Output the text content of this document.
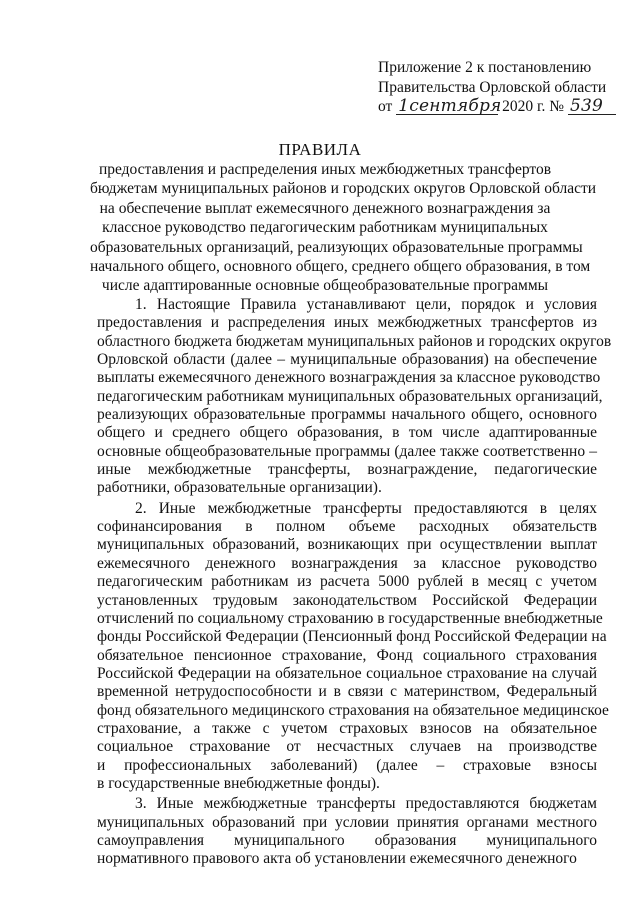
Приложение 2 к постановлению
Правительства Орловской области
от 1сентября 2020 г. № 539
ПРАВИЛА
предоставления и распределения иных межбюджетных трансфертов
бюджетам муниципальных районов и городских округов Орловской области
на обеспечение выплат ежемесячного денежного вознаграждения за
классное руководство педагогическим работникам муниципальных
образовательных организаций, реализующих образовательные программы
начального общего, основного общего, среднего общего образования, в том
числе адаптированные основные общеобразовательные программы
1. Настоящие Правила устанавливают цели, порядок и условия
предоставления и распределения иных межбюджетных трансфертов из
областного бюджета бюджетам муниципальных районов и городских округов
Орловской области (далее – муниципальные образования) на обеспечение
выплаты ежемесячного денежного вознаграждения за классное руководство
педагогическим работникам муниципальных образовательных организаций,
реализующих образовательные программы начального общего, основного
общего и среднего общего образования, в том числе адаптированные
основные общеобразовательные программы (далее также соответственно –
иные межбюджетные трансферты, вознаграждение, педагогические
работники, образовательные организации).
2. Иные межбюджетные трансферты предоставляются в целях
софинансирования в полном объеме расходных обязательств
муниципальных образований, возникающих при осуществлении выплат
ежемесячного денежного вознаграждения за классное руководство
педагогическим работникам из расчета 5000 рублей в месяц с учетом
установленных трудовым законодательством Российской Федерации
отчислений по социальному страхованию в государственные внебюджетные
фонды Российской Федерации (Пенсионный фонд Российской Федерации на
обязательное пенсионное страхование, Фонд социального страхования
Российской Федерации на обязательное социальное страхование на случай
временной нетрудоспособности и в связи с материнством, Федеральный
фонд обязательного медицинского страхования на обязательное медицинское
страхование, а также с учетом страховых взносов на обязательное
социальное страхование от несчастных случаев на производстве
и профессиональных заболеваний) (далее – страховые взносы
в государственные внебюджетные фонды).
3. Иные межбюджетные трансферты предоставляются бюджетам
муниципальных образований при условии принятия органами местного
самоуправления муниципального образования муниципального
нормативного правового акта об установлении ежемесячного денежного
